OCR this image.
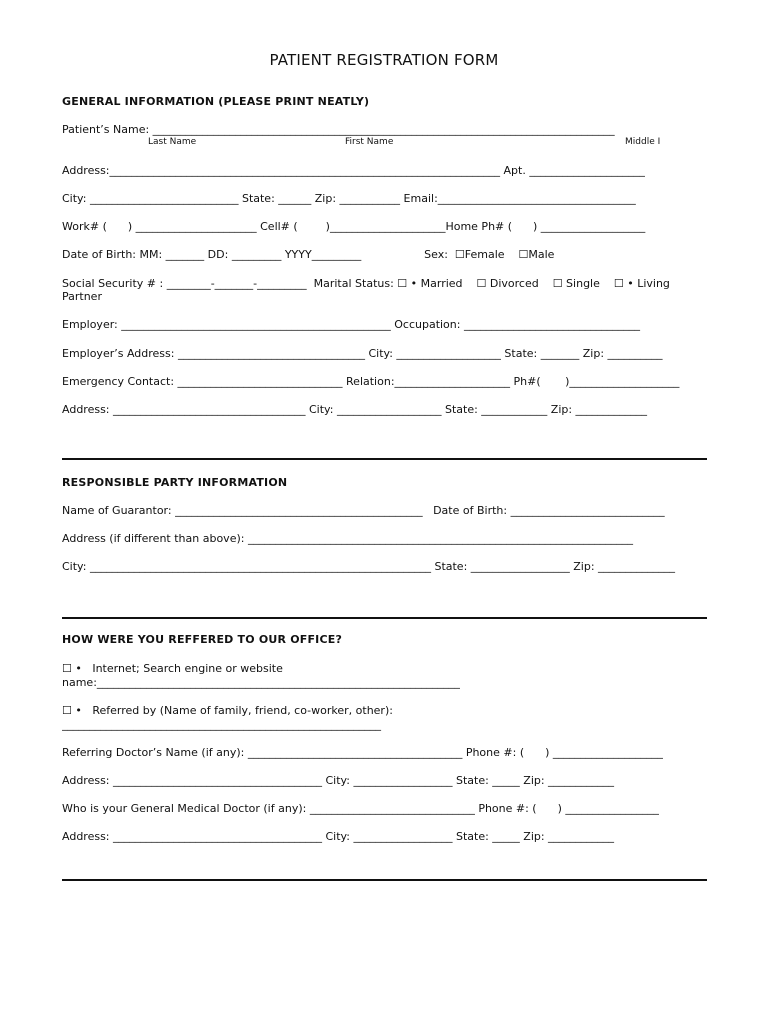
PATIENT REGISTRATION FORM
GENERAL INFORMATION (PLEASE PRINT NEATLY)
Patient’s Name: ____________________________________________________________________________________
Last Name	First Name	Middle I
Address:_______________________________________________________________________ Apt. _____________________
City: ___________________________ State: ______ Zip: ___________ Email:____________________________________
Work# (      ) ______________________ Cell# (        )_____________________Home Ph# (      ) ___________________
Date of Birth: MM: _______ DD: _________ YYYY_________                  Sex:  ☐Female    ☐Male
Social Security # : ________-_______-_________  Marital Status: ☐ • Married    ☐ Divorced    ☐ Single    ☐ • Living
Partner
Employer: _________________________________________________ Occupation: ________________________________
Employer’s Address: __________________________________ City: ___________________ State: _______ Zip: __________
Emergency Contact: ______________________________ Relation:_____________________ Ph#(       )____________________
Address: ___________________________________ City: ___________________ State: ____________ Zip: _____________
RESPONSIBLE PARTY INFORMATION
Name of Guarantor: _____________________________________________   Date of Birth: ____________________________
Address (if different than above): ______________________________________________________________________
City: ______________________________________________________________ State: __________________ Zip: ______________
HOW WERE YOU REFFERED TO OUR OFFICE?
☐ •   Internet; Search engine or website
name:__________________________________________________________________
☐ •   Referred by (Name of family, friend, co-worker, other):
__________________________________________________________
Referring Doctor’s Name (if any): _______________________________________ Phone #: (      ) ____________________
Address: ______________________________________ City: __________________ State: _____ Zip: ____________
Who is your General Medical Doctor (if any): ______________________________ Phone #: (      ) _________________
Address: ______________________________________ City: __________________ State: _____ Zip: ____________
